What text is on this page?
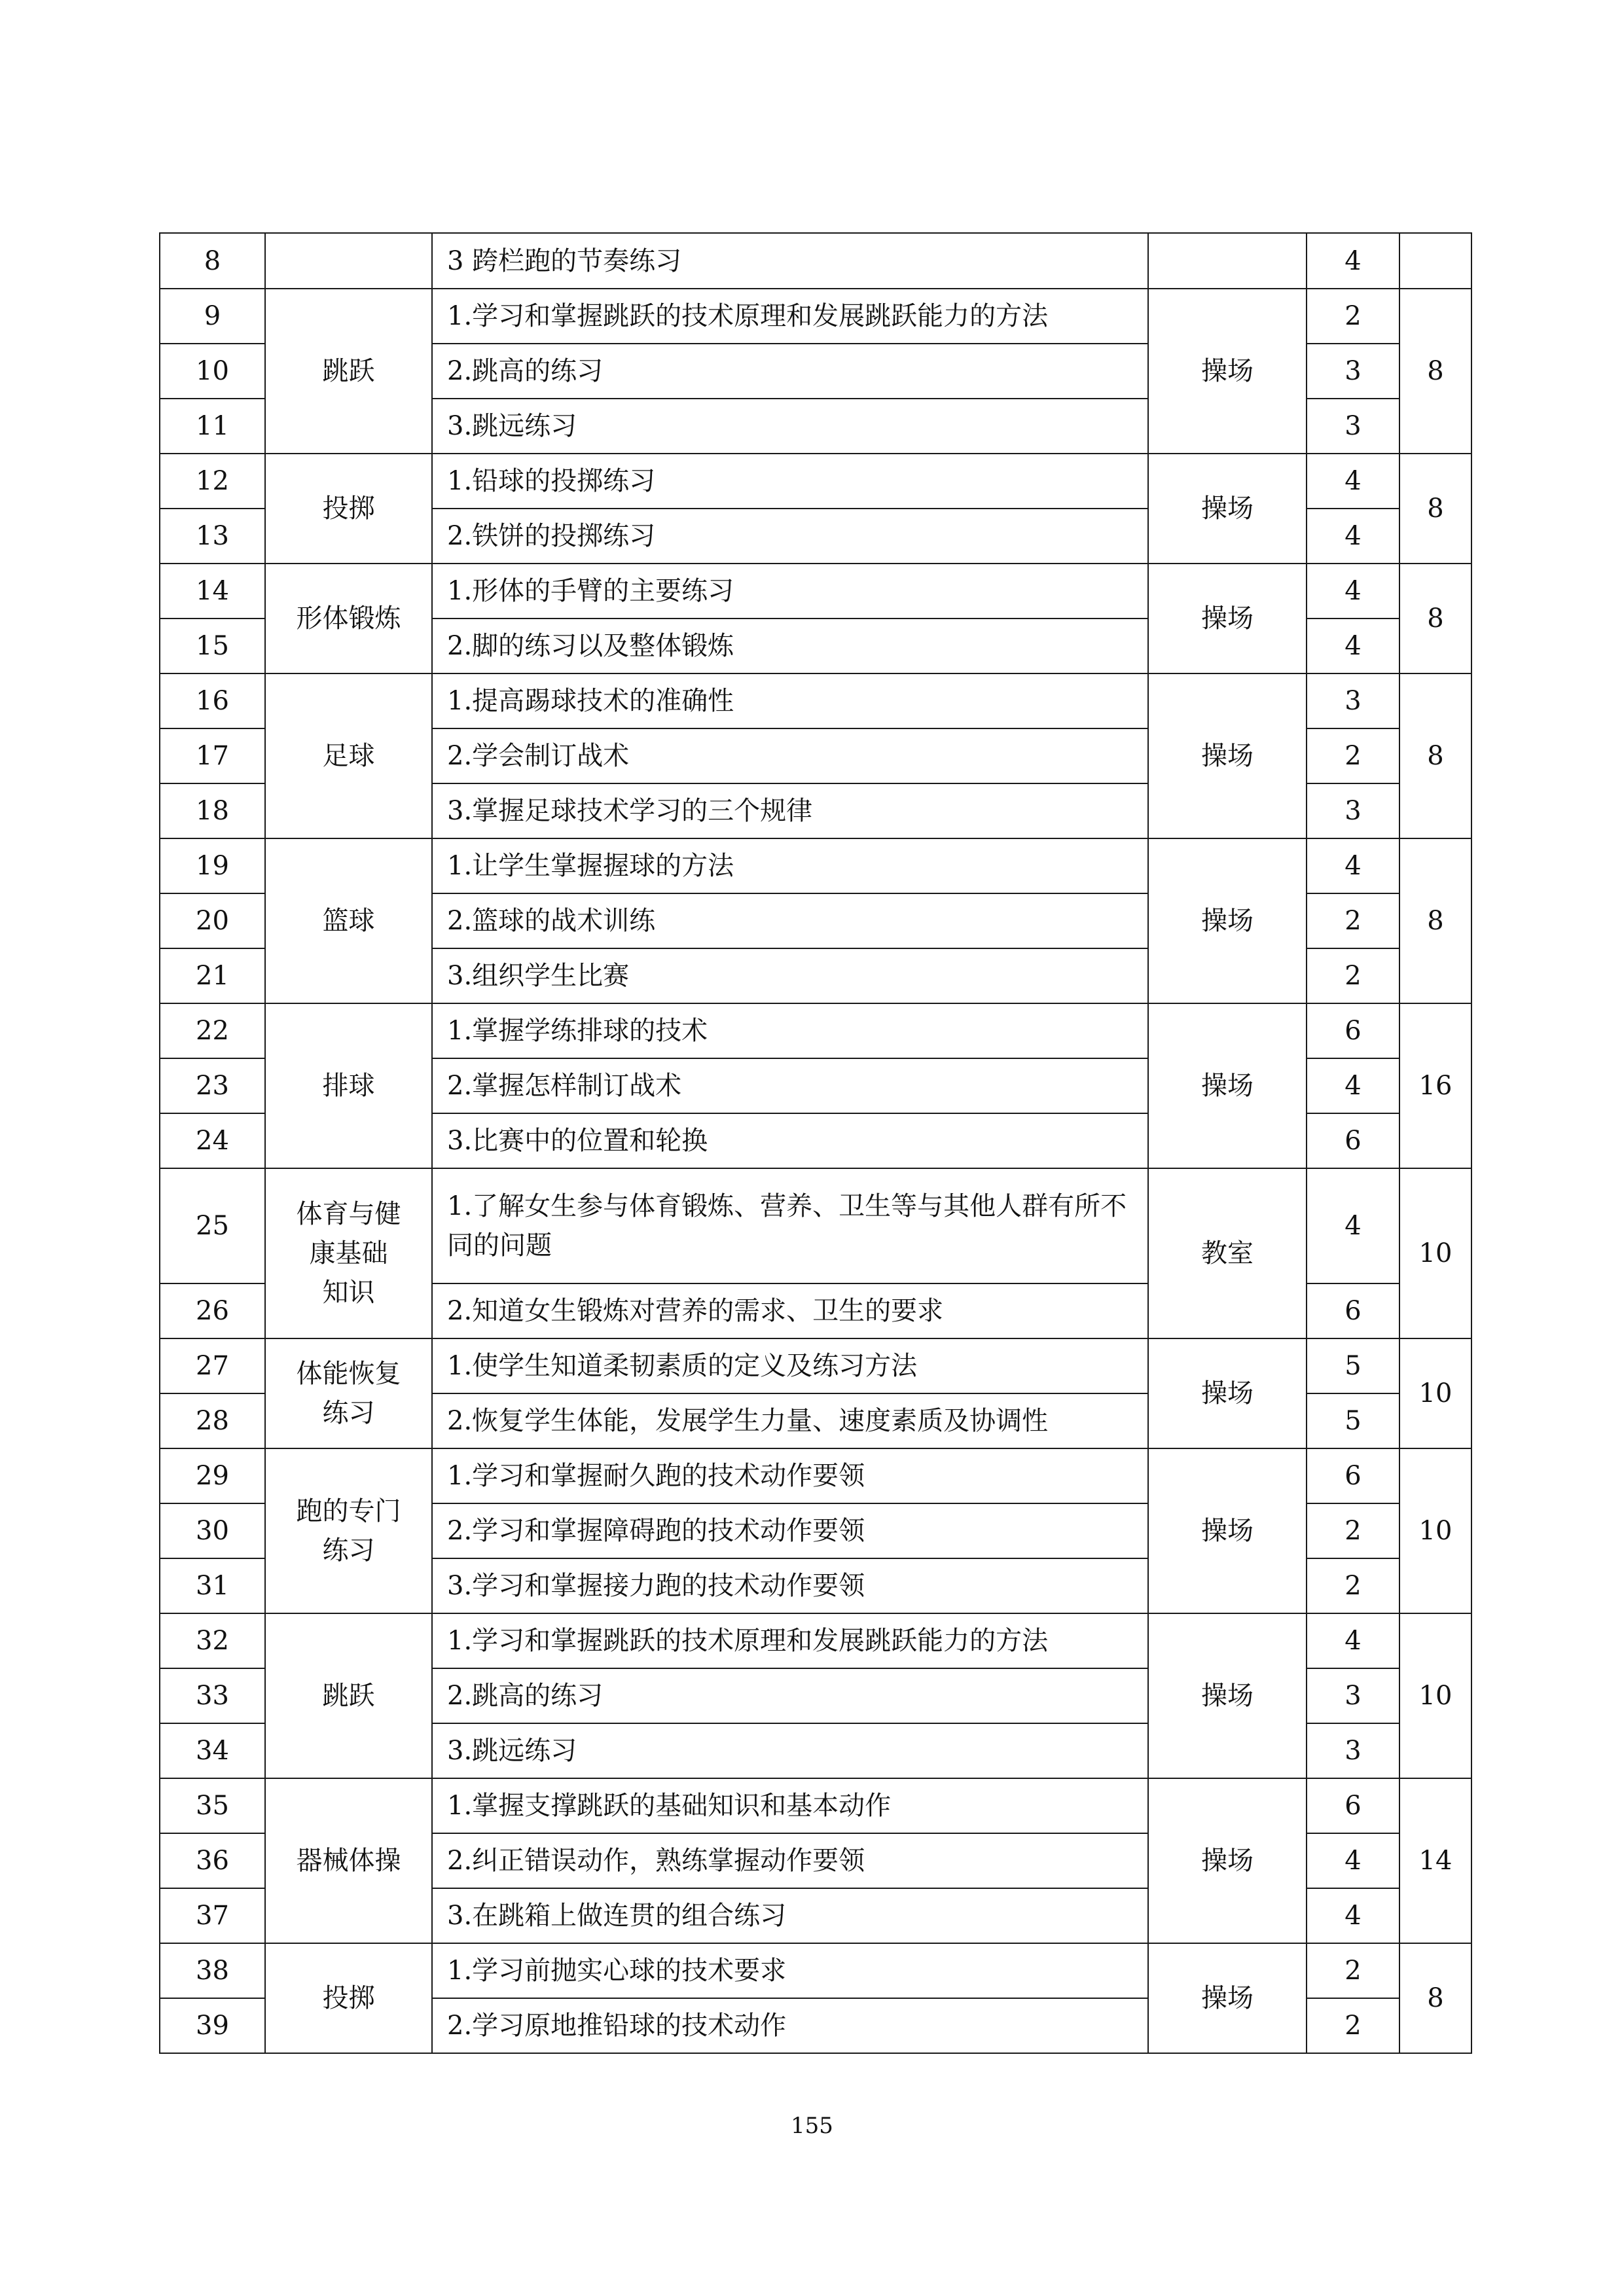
8		3 跨栏跑的节奏练习		4	
9	跳跃	1.学习和掌握跳跃的技术原理和发展跳跃能力的方法	操场	2	8
10		2.跳高的练习		3	
11		3.跳远练习		3	
12	投掷	1.铅球的投掷练习	操场	4	8
13		2.铁饼的投掷练习		4	
14	形体锻炼	1.形体的手臂的主要练习	操场	4	8
15		2.脚的练习以及整体锻炼		4	
16	足球	1.提高踢球技术的准确性	操场	3	8
17		2.学会制订战术		2	
18		3.掌握足球技术学习的三个规律		3	
19	篮球	1.让学生掌握握球的方法	操场	4	8
20		2.篮球的战术训练		2	
21		3.组织学生比赛		2	
22	排球	1.掌握学练排球的技术	操场	6	16
23		2.掌握怎样制订战术		4	
24		3.比赛中的位置和轮换		6	
25	体育与健
康基础
知识	1.了解女生参与体育锻炼、营养、卫生等与其他人群有所不同的问题	教室	4	10
26		2.知道女生锻炼对营养的需求、卫生的要求		6	
27	体能恢复
练习	1.使学生知道柔韧素质的定义及练习方法	操场	5	10
28		2.恢复学生体能，发展学生力量、速度素质及协调性		5	
29	跑的专门
练习	1.学习和掌握耐久跑的技术动作要领	操场	6	10
30		2.学习和掌握障碍跑的技术动作要领		2	
31		3.学习和掌握接力跑的技术动作要领		2	
32	跳跃	1.学习和掌握跳跃的技术原理和发展跳跃能力的方法	操场	4	10
33		2.跳高的练习		3	
34		3.跳远练习		3	
35	器械体操	1.掌握支撑跳跃的基础知识和基本动作	操场	6	14
36		2.纠正错误动作，熟练掌握动作要领		4	
37		3.在跳箱上做连贯的组合练习		4	
38	投掷	1.学习前抛实心球的技术要求	操场	2	8
39		2.学习原地推铅球的技术动作		2	
155
